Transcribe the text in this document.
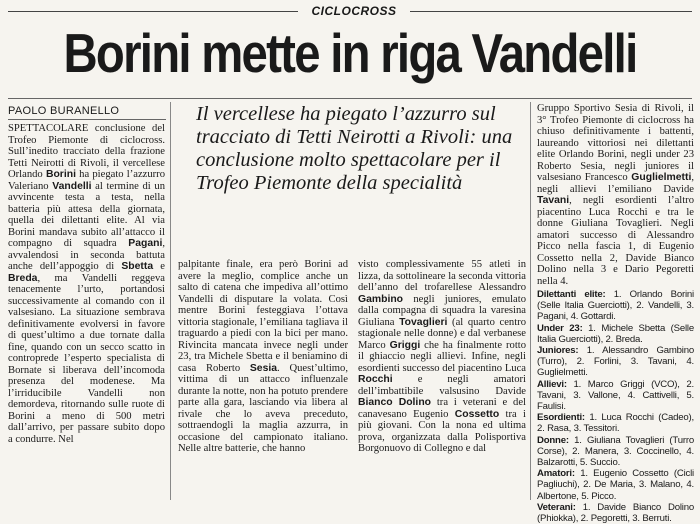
CICLOCROSS
Borini mette in riga Vandelli
PAOLO BURANELLO	Il vercellese ha piegato l’azzurro sul tracciato di Tetti Neirotti a Rivoli: una conclusione molto spettacolare per il Trofeo Piemonte della specialità

SPETTACOLARE conclusione del Trofeo Piemonte di ciclocross. Sull’inedito tracciato della frazione Tetti Neirotti di Rivoli, il vercellese Orlando Borini ha piegato l’azzurro Valeriano Vandelli al termine di un avvincente testa a testa, nella batteria più attesa della giornata, quella dei dilettanti elite. Al via Borini mandava subito all’attacco il compagno di squadra Pagani, avvalendosi in seconda battuta anche dell’appoggio di Sbetta e Breda, ma Vandelli reggeva tenacemente l’urto, portandosi successivamente al comando con il valsesiano. La situazione sembrava definitivamente evolversi in favore di quest’ultimo a due tornate dalla fine, quando con un secco scatto in controprede l’esperto specialista di Bornate si liberava dell’incomoda presenza del modenese. Ma l’irriducibile Vandelli non demordeva, ritornando sulle ruote di Borini a meno di 500 metri dall’arrivo, per passare subito dopo a condurre. Nel

palpitante finale, era però Borini ad avere la meglio, complice anche un salto di catena che impediva all’ottimo Vandelli di disputare la volata. Così mentre Borini festeggiava l’ottava vittoria stagionale, l’emiliana tagliava il traguardo a piedi con la bici per mano. Rivincita mancata invece negli under 23, tra Michele Sbetta e il beniamino di casa Roberto Sesia. Quest’ultimo, vittima di un attacco influenzale durante la notte, non ha potuto prendere parte alla gara, lasciando via libera al rivale che lo aveva preceduto, sottraendogli la maglia azzurra, in occasione del campionato italiano. Nelle altre batterie, che hanno

visto complessivamente 55 atleti in lizza, da sottolineare la seconda vittoria dell’anno del trofarellese Alessandro Gambino negli juniores, emulato dalla compagna di squadra la varesina Giuliana Tovaglieri (al quarto centro stagionale nelle donne) e dal verbanese Marco Griggi che ha finalmente rotto il ghiaccio negli allievi. Infine, negli esordienti successo del piacentino Luca Rocchi e negli amatori dell’imbattibile valsusino Davide Bianco Dolino tra i veterani e del canavesano Eugenio Cossetto tra i più giovani. Con la nona ed ultima prova, organizzata dalla Polisportiva Borgonuovo di Collegno e dal

Gruppo Sportivo Sesia di Rivoli, il 3° Trofeo Piemonte di ciclocross ha chiuso definitivamente i battenti, laureando vittoriosi nei dilettanti elite Orlando Borini, negli under 23 Roberto Sesia, negli juniores il valsesiano Francesco Guglielmetti, negli allievi l’emiliano Davide Tavani, negli esordienti l’altro piacentino Luca Rocchi e tra le donne Giuliana Tovaglieri. Negli amatori successo di Alessandro Picco nella fascia 1, di Eugenio Cossetto nella 2, Davide Bianco Dolino nella 3 e Dario Pegoretti nella 4.

Dilettanti elite: 1. Orlando Borini (Selle Italia Guerciotti), 2. Vandelli, 3. Pagani, 4. Gottardi.

Under 23: 1. Michele Sbetta (Selle Italia Guerciotti), 2. Breda.

Juniores: 1. Alessandro Gambino (Turro), 2. Forlini, 3. Tavani, 4. Guglielmetti.

Allievi: 1. Marco Griggi (VCO), 2. Tavani, 3. Vallone, 4. Cattivelli, 5. Faulisi.

Esordienti: 1. Luca Rocchi (Cadeo), 2. Rasa, 3. Tessitori.

Donne: 1. Giuliana Tovaglieri (Turro Corse), 2. Manera, 3. Coccinello, 4. Balzarotti, 5. Succio.

Amatori: 1. Eugenio Cossetto (Cicli Pagliuchi), 2. De Maria, 3. Malano, 4. Albertone, 5. Picco.

Veterani: 1. Davide Bianco Dolino (Phiokka), 2. Pegoretti, 3. Berruti.
